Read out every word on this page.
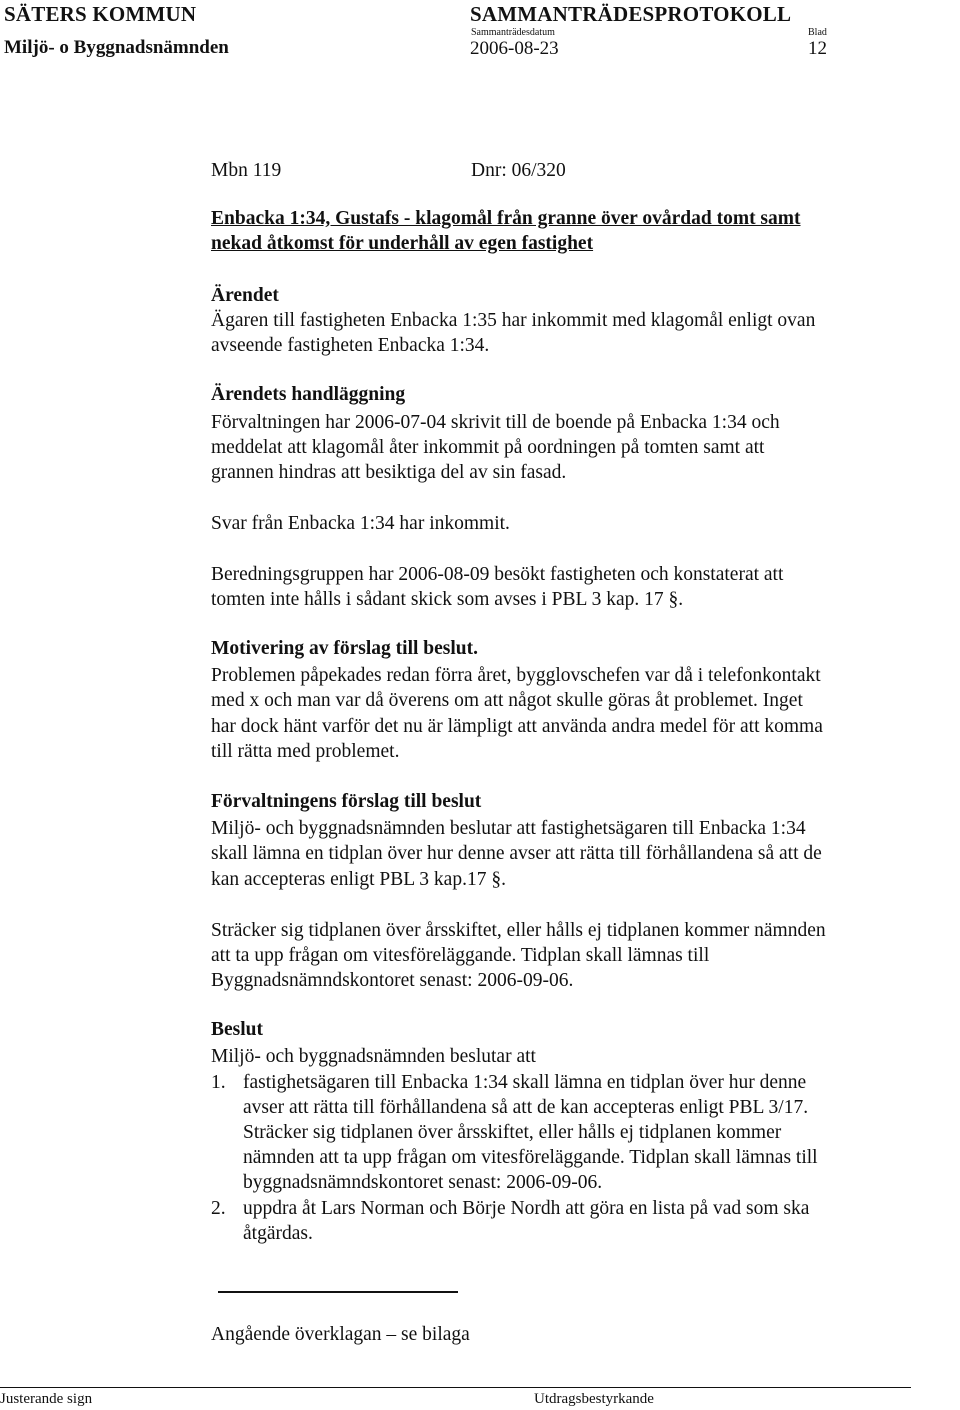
SÄTERS KOMMUN	SAMMANTRÄDESPROTOKOLL
Miljö- o Byggnadsnämnden
Sammanträdesdatum
2006-08-23
Blad
12
Mbn 119	Dnr: 06/320
Enbacka 1:34, Gustafs - klagomål från granne över ovårdad tomt samt
nekad åtkomst för underhåll av egen fastighet
Ärendet
Ägaren till fastigheten Enbacka 1:35 har inkommit med klagomål enligt ovan
avseende fastigheten Enbacka 1:34.
Ärendets handläggning
Förvaltningen har 2006-07-04 skrivit till de boende på Enbacka 1:34 och
meddelat att klagomål åter inkommit på oordningen på tomten samt att
grannen hindras att besiktiga del av sin fasad.
Svar från Enbacka 1:34 har inkommit.
Beredningsgruppen har 2006-08-09 besökt fastigheten och konstaterat att
tomten inte hålls i sådant skick som avses i PBL 3 kap. 17 §.
Motivering av förslag till beslut.
Problemen påpekades redan förra året, bygglovschefen var då i telefonkontakt
med x och man var då överens om att något skulle göras åt problemet. Inget
har dock hänt varför det nu är lämpligt att använda andra medel för att komma
till rätta med problemet.
Förvaltningens förslag till beslut
Miljö- och byggnadsnämnden beslutar att fastighetsägaren till Enbacka 1:34
skall lämna en tidplan över hur denne avser att rätta till förhållandena så att de
kan accepteras enligt PBL 3 kap.17 §.
Sträcker sig tidplanen över årsskiftet, eller hålls ej tidplanen kommer nämnden
att ta upp frågan om vitesföreläggande. Tidplan skall lämnas till
Byggnadsnämndskontoret senast: 2006-09-06.
Beslut
Miljö- och byggnadsnämnden beslutar att
1. fastighetsägaren till Enbacka 1:34 skall lämna en tidplan över hur denne
avser att rätta till förhållandena så att de kan accepteras enligt PBL 3/17.
Sträcker sig tidplanen över årsskiftet, eller hålls ej tidplanen kommer
nämnden att ta upp frågan om vitesföreläggande. Tidplan skall lämnas till
byggnadsnämndskontoret senast: 2006-09-06.
2. uppdra åt Lars Norman och Börje Nordh att göra en lista på vad som ska
åtgärdas.
Angående överklagan – se bilaga
Justerande sign	Utdragsbestyrkande
